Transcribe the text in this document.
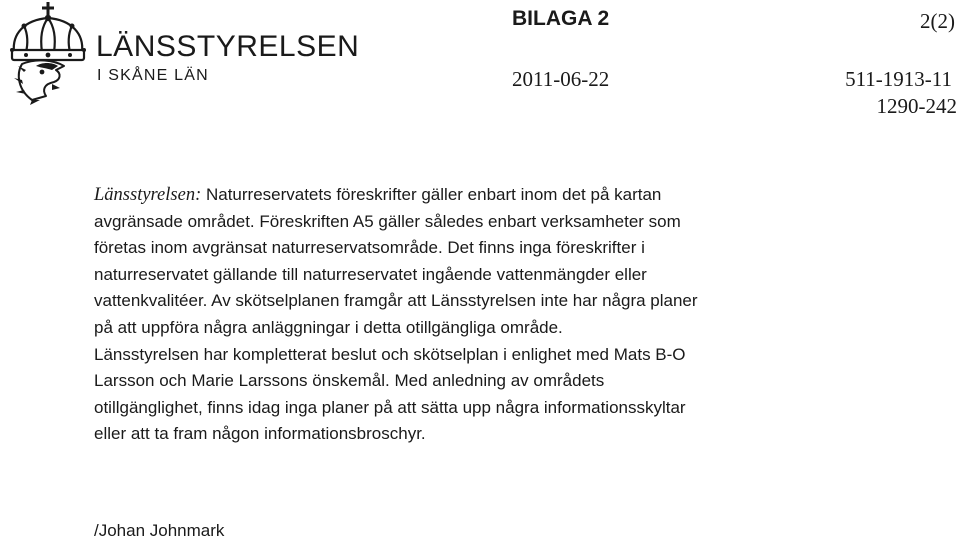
LÄNSSTYRELSEN
I SKÅNE LÄN
BILAGA 2	2(2)
2011-06-22	511-1913-11
1290-242

Länsstyrelsen: Naturreservatets föreskrifter gäller enbart inom det på kartan
avgränsade området. Föreskriften A5 gäller således enbart verksamheter som
företas inom avgränsat naturreservatsområde. Det finns inga föreskrifter i
naturreservatet gällande till naturreservatet ingående vattenmängder eller
vattenkvalitéer. Av skötselplanen framgår att Länsstyrelsen inte har några planer
på att uppföra några anläggningar i detta otillgängliga område.
Länsstyrelsen har kompletterat beslut och skötselplan i enlighet med Mats B-O
Larsson och Marie Larssons önskemål. Med anledning av områdets
otillgänglighet, finns idag inga planer på att sätta upp några informationsskyltar
eller att ta fram någon informationsbroschyr.

/Johan Johnmark
